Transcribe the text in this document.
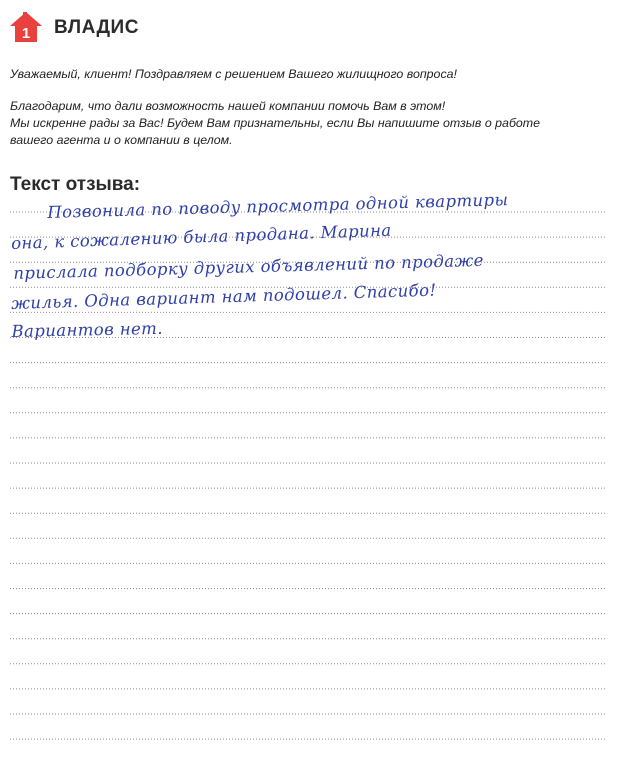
1 ВЛАДИС

Уважаемый, клиент! Поздравляем с решением Вашего жилищного вопроса!

Благодарим, что дали возможность нашей компании помочь Вам в этом!

Мы искренне рады за Вас! Будем Вам признательны, если Вы напишите отзыв о работе

вашего агента и о компании в целом.

Текст отзыва:
Позвонила по поводу просмотра одной квартиры
она, к сожалению была продана. Марина
прислала подборку других объявлений по продаже
жилья. Одна вариант нам подошел. Спасибо!
Вариантов нет.
